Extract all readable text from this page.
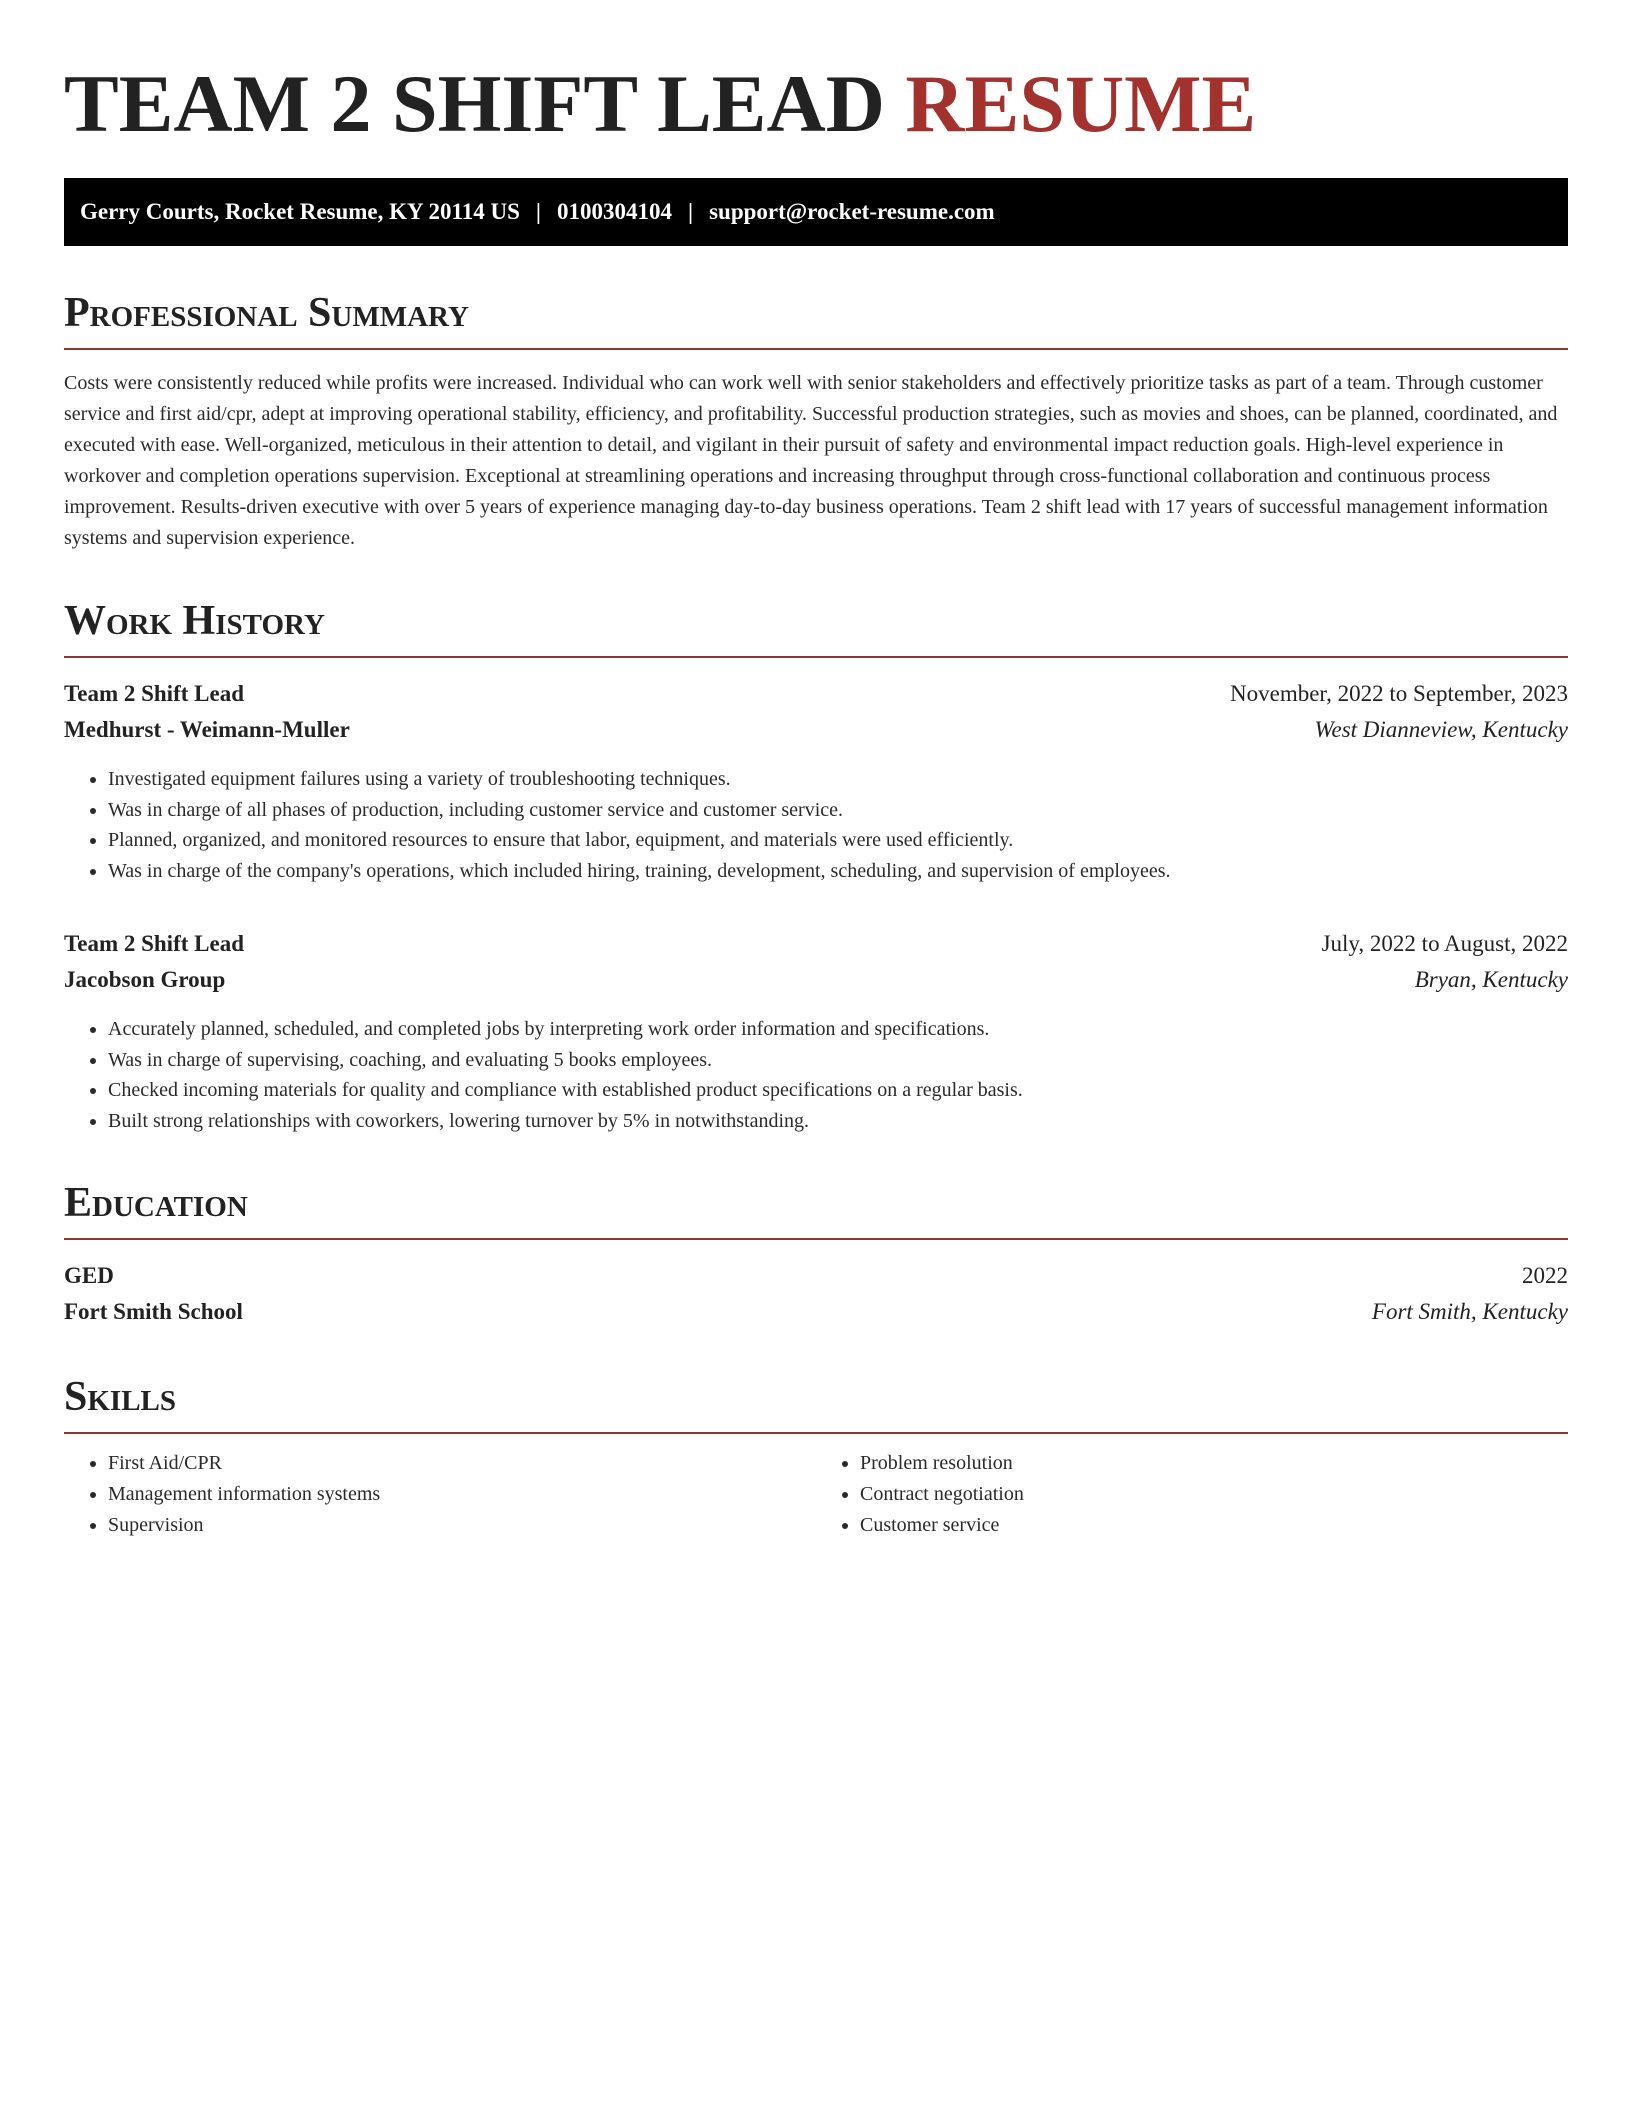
TEAM 2 SHIFT LEAD RESUME
Gerry Courts, Rocket Resume, KY 20114 US | 0100304104 | support@rocket-resume.com
Professional Summary

Costs were consistently reduced while profits were increased. Individual who can work well with senior stakeholders and effectively prioritize tasks as part of a team. Through customer service and first aid/cpr, adept at improving operational stability, efficiency, and profitability. Successful production strategies, such as movies and shoes, can be planned, coordinated, and executed with ease. Well-organized, meticulous in their attention to detail, and vigilant in their pursuit of safety and environmental impact reduction goals. High-level experience in workover and completion operations supervision. Exceptional at streamlining operations and increasing throughput through cross-functional collaboration and continuous process improvement. Results-driven executive with over 5 years of experience managing day-to-day business operations. Team 2 shift lead with 17 years of successful management information systems and supervision experience.

Work History
Team 2 Shift Lead	November, 2022 to September, 2023
Medhurst - Weimann-Muller	West Dianneview, Kentucky
• Investigated equipment failures using a variety of troubleshooting techniques.
• Was in charge of all phases of production, including customer service and customer service.
• Planned, organized, and monitored resources to ensure that labor, equipment, and materials were used efficiently.
• Was in charge of the company's operations, which included hiring, training, development, scheduling, and supervision of employees.
Team 2 Shift Lead	July, 2022 to August, 2022
Jacobson Group	Bryan, Kentucky
• Accurately planned, scheduled, and completed jobs by interpreting work order information and specifications.
• Was in charge of supervising, coaching, and evaluating 5 books employees.
• Checked incoming materials for quality and compliance with established product specifications on a regular basis.
• Built strong relationships with coworkers, lowering turnover by 5% in notwithstanding.
Education
GED	2022
Fort Smith School	Fort Smith, Kentucky
Skills
• First Aid/CPR
• Management information systems
• Supervision
• Problem resolution
• Contract negotiation
• Customer service
